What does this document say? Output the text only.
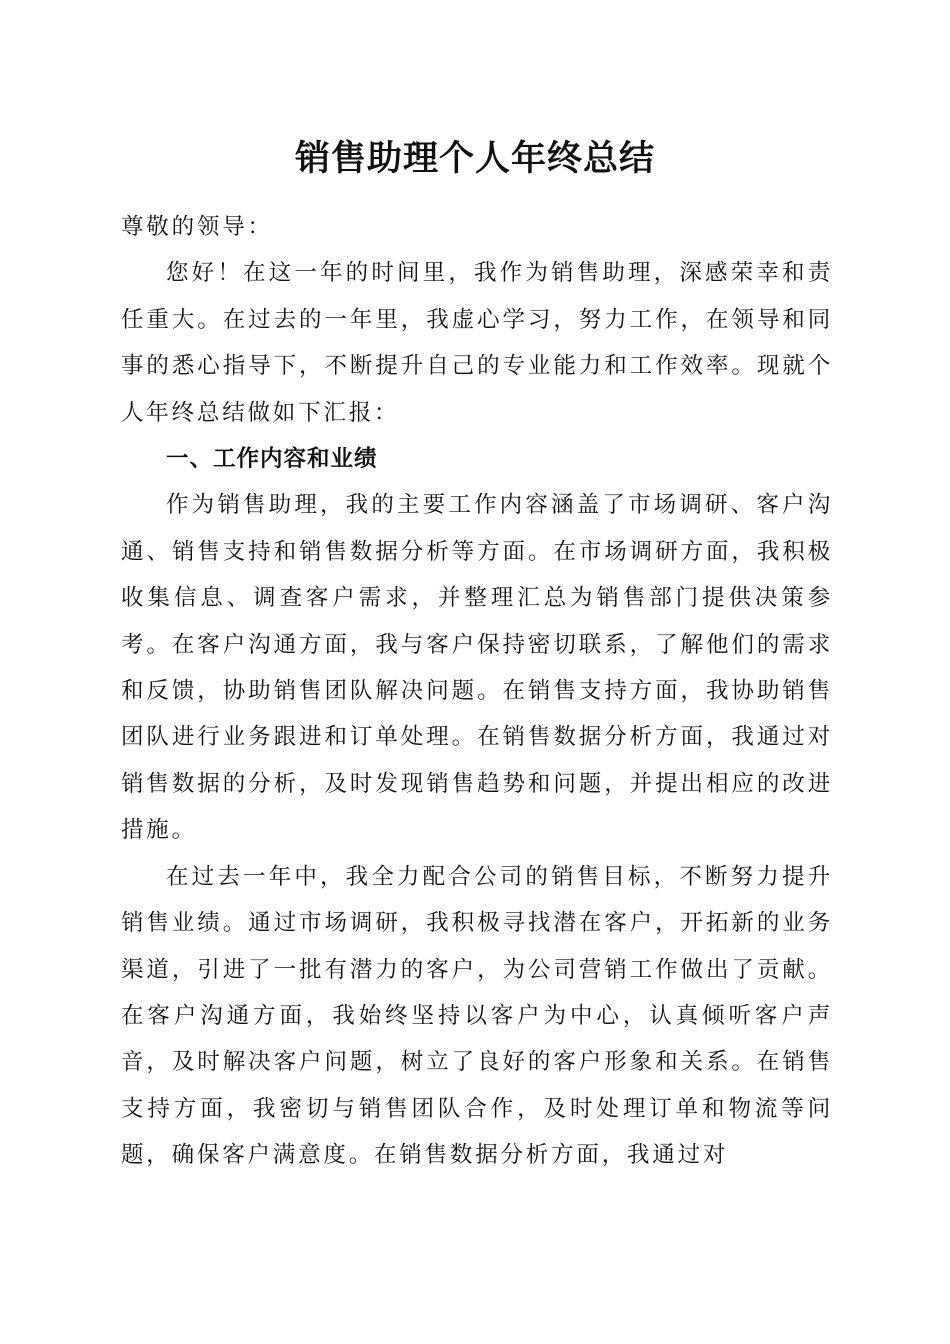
销售助理个人年终总结

尊敬的领导：

您好！在这一年的时间里，我作为销售助理，深感荣幸和责任重大。在过去的一年里，我虚心学习，努力工作，在领导和同事的悉心指导下，不断提升自己的专业能力和工作效率。现就个人年终总结做如下汇报：

一、工作内容和业绩

作为销售助理，我的主要工作内容涵盖了市场调研、客户沟通、销售支持和销售数据分析等方面。在市场调研方面，我积极收集信息、调查客户需求，并整理汇总为销售部门提供决策参考。在客户沟通方面，我与客户保持密切联系，了解他们的需求和反馈，协助销售团队解决问题。在销售支持方面，我协助销售团队进行业务跟进和订单处理。在销售数据分析方面，我通过对销售数据的分析，及时发现销售趋势和问题，并提出相应的改进措施。

在过去一年中，我全力配合公司的销售目标，不断努力提升销售业绩。通过市场调研，我积极寻找潜在客户，开拓新的业务渠道，引进了一批有潜力的客户，为公司营销工作做出了贡献。在客户沟通方面，我始终坚持以客户为中心，认真倾听客户声音，及时解决客户问题，树立了良好的客户形象和关系。在销售支持方面，我密切与销售团队合作，及时处理订单和物流等问题，确保客户满意度。在销售数据分析方面，我通过对
